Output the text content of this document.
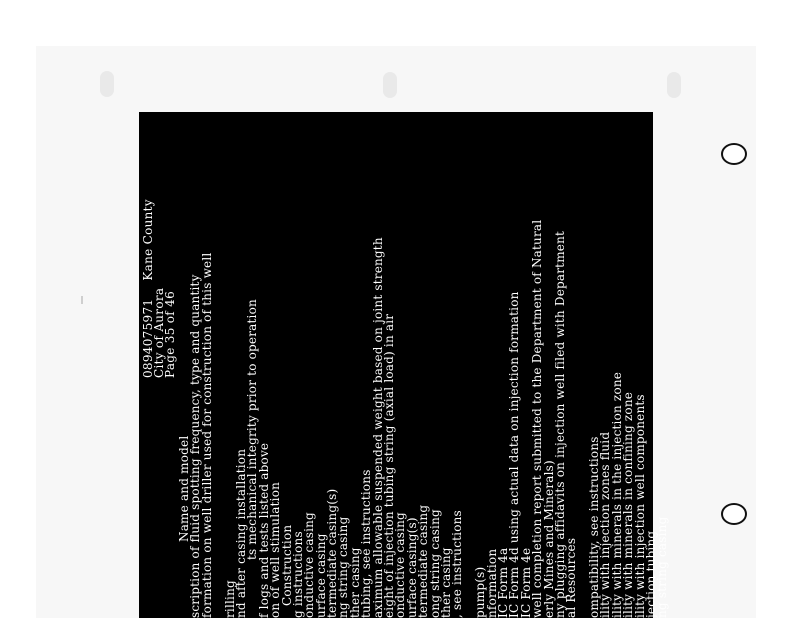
0894075971Kane County
City of Aurora
Page 35 of 46
Name and model
scription of fluid spotting frequency, type and quantity
formation on well driller used for construction of this well rilling
nd after casing installation
ts mechanical integrity prior to operation
f logs and tests listed above
on of well stimulation
Construction
g instructions
onductive casing
urface casing
termediate casing(s)
ng string casing
ther casing
tubing, see instructions
aximum allowable suspended weight based on joint strength
eight of injection tubing string (axial load) in air
onductive casing
urface casing(s)
termediate casing
ong string casing
ther casing
, see instructions pump(s)
nformation
IC Form 4a
IC Form 4d using actual data on injection formation
IC Form 4e
well completion report submitted to the Department of Natural
erly Mines and Minerals)
ny plugging affidavits on injection well filed with Department
al Resources ompatibility, see instructions
ility with injection zones fluid
ility with minerals in the injection zone
ility with minerals in confining zone
ility with injection well components
jection tubing
ng string casing
